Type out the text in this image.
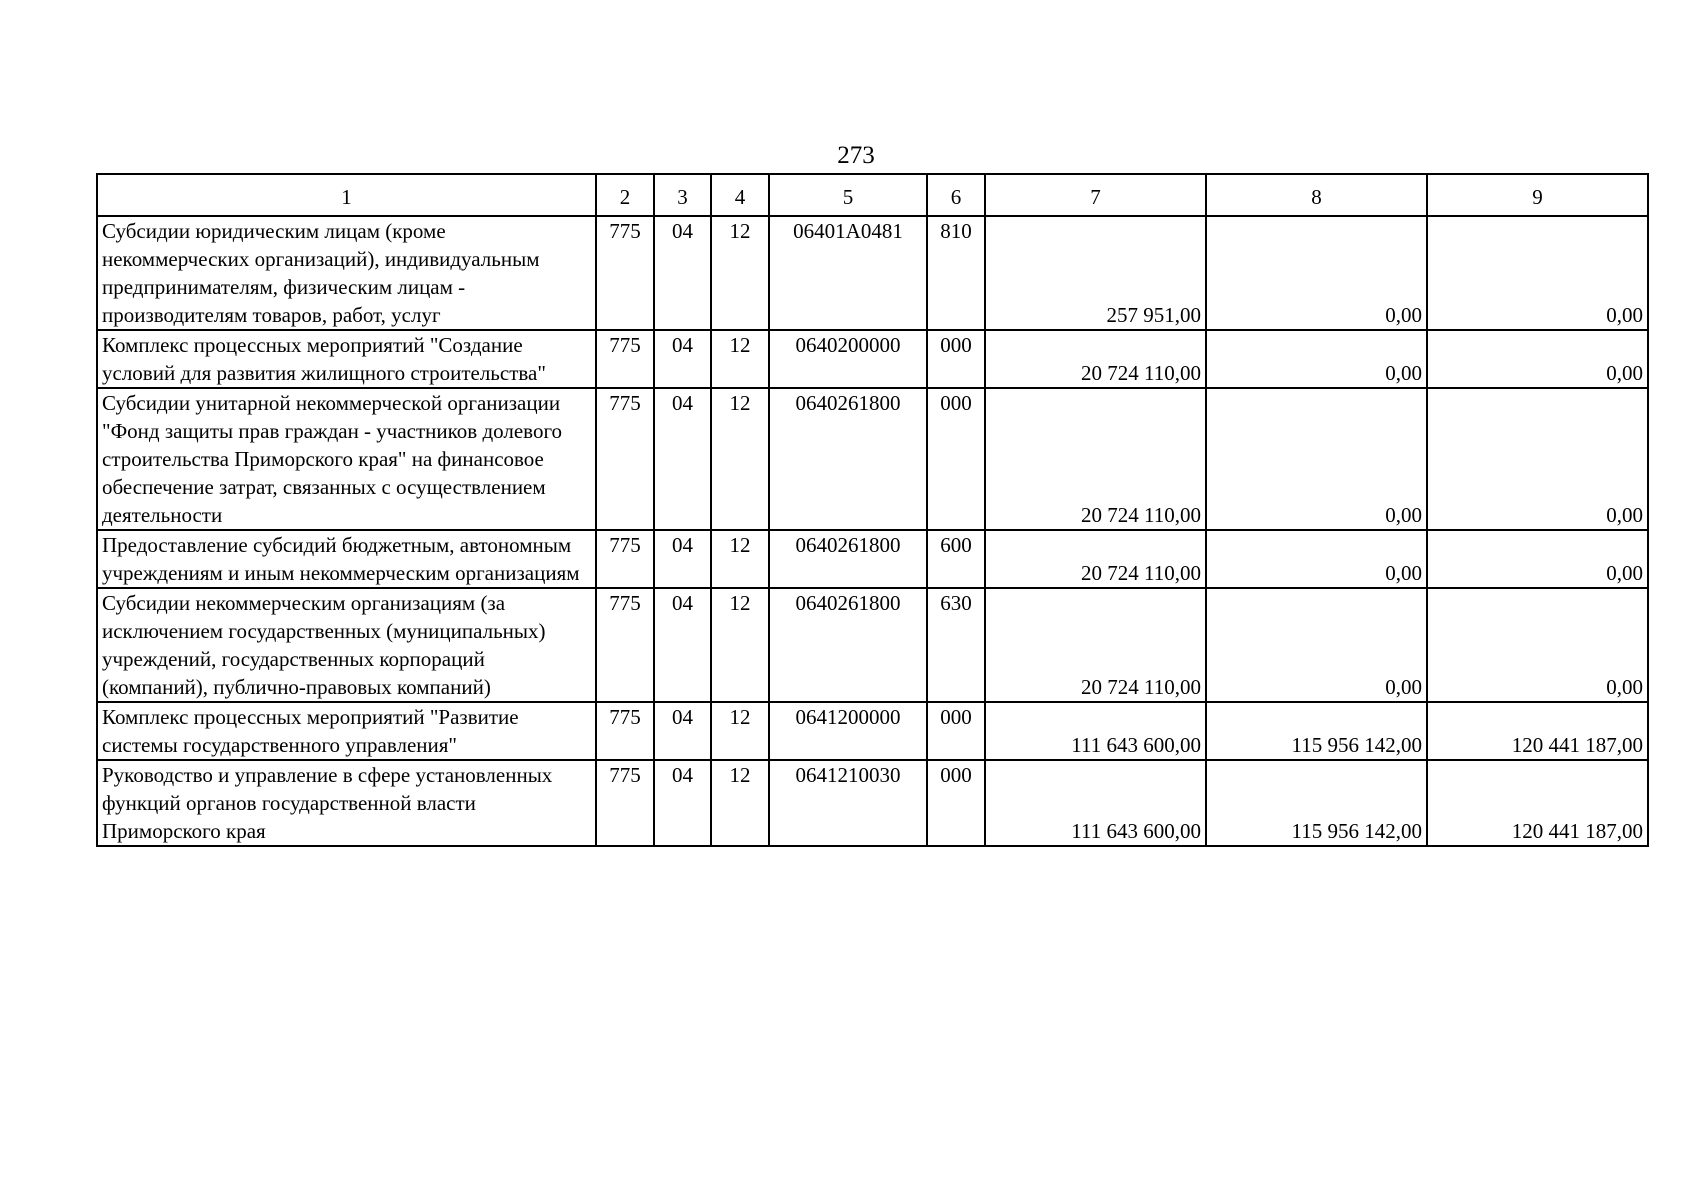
273
1	2	3	4	5	6	7	8	9
Субсидии юридическим лицам (кроме некоммерческих организаций), индивидуальным предпринимателям, физическим лицам - производителям товаров, работ, услуг	775	04	12	06401A0481	810	257 951,00	0,00	0,00
Комплекс процессных мероприятий "Создание условий для развития жилищного строительства"	775	04	12	0640200000	000	20 724 110,00	0,00	0,00
Субсидии унитарной некоммерческой организации "Фонд защиты прав граждан - участников долевого строительства Приморского края" на финансовое обеспечение затрат, связанных с осуществлением деятельности	775	04	12	0640261800	000	20 724 110,00	0,00	0,00
Предоставление субсидий бюджетным, автономным учреждениям и иным некоммерческим организациям	775	04	12	0640261800	600	20 724 110,00	0,00	0,00
Субсидии некоммерческим организациям (за исключением государственных (муниципальных) учреждений, государственных корпораций (компаний), публично-правовых компаний)	775	04	12	0640261800	630	20 724 110,00	0,00	0,00
Комплекс процессных мероприятий "Развитие системы государственного управления"	775	04	12	0641200000	000	111 643 600,00	115 956 142,00	120 441 187,00
Руководство и управление в сфере установленных функций органов государственной власти Приморского края	775	04	12	0641210030	000	111 643 600,00	115 956 142,00	120 441 187,00
